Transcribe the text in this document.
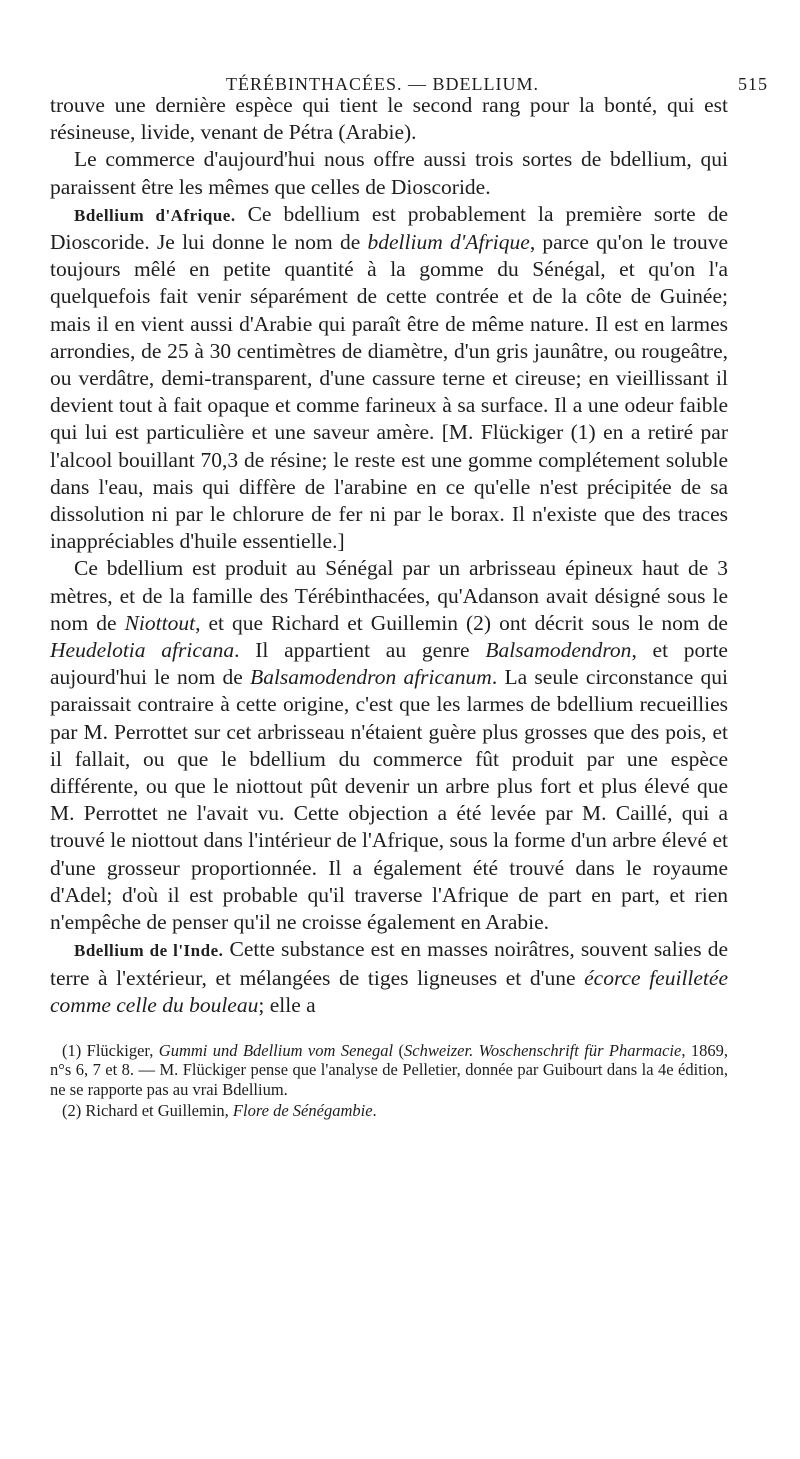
TÉRÉBINTHACÉES. — BDELLIUM.	515

trouve une dernière espèce qui tient le second rang pour la bonté, qui est résineuse, livide, venant de Pétra (Arabie).

Le commerce d'aujourd'hui nous offre aussi trois sortes de bdellium, qui paraissent être les mêmes que celles de Dioscoride.

Bdellium d'Afrique. Ce bdellium est probablement la première sorte de Dioscoride. Je lui donne le nom de bdellium d'Afrique, parce qu'on le trouve toujours mêlé en petite quantité à la gomme du Sénégal, et qu'on l'a quelquefois fait venir séparément de cette contrée et de la côte de Guinée; mais il en vient aussi d'Arabie qui paraît être de même nature. Il est en larmes arrondies, de 25 à 30 centimètres de diamètre, d'un gris jaunâtre, ou rougeâtre, ou verdâtre, demi-transparent, d'une cassure terne et cireuse; en vieillissant il devient tout à fait opaque et comme farineux à sa surface. Il a une odeur faible qui lui est particulière et une saveur amère. [M. Flückiger (1) en a retiré par l'alcool bouillant 70,3 de résine; le reste est une gomme complétement soluble dans l'eau, mais qui diffère de l'arabine en ce qu'elle n'est précipitée de sa dissolution ni par le chlorure de fer ni par le borax. Il n'existe que des traces inappréciables d'huile essentielle.]

Ce bdellium est produit au Sénégal par un arbrisseau épineux haut de 3 mètres, et de la famille des Térébinthacées, qu'Adanson avait désigné sous le nom de Niottout, et que Richard et Guillemin (2) ont décrit sous le nom de Heudelotia africana. Il appartient au genre Balsamodendron, et porte aujourd'hui le nom de Balsamodendron africanum. La seule circonstance qui paraissait contraire à cette origine, c'est que les larmes de bdellium recueillies par M. Perrottet sur cet arbrisseau n'étaient guère plus grosses que des pois, et il fallait, ou que le bdellium du commerce fût produit par une espèce différente, ou que le niottout pût devenir un arbre plus fort et plus élevé que M. Perrottet ne l'avait vu. Cette objection a été levée par M. Caillé, qui a trouvé le niottout dans l'intérieur de l'Afrique, sous la forme d'un arbre élevé et d'une grosseur proportionnée. Il a également été trouvé dans le royaume d'Adel; d'où il est probable qu'il traverse l'Afrique de part en part, et rien n'empêche de penser qu'il ne croisse également en Arabie.

Bdellium de l'Inde. Cette substance est en masses noirâtres, souvent salies de terre à l'extérieur, et mélangées de tiges ligneuses et d'une écorce feuilletée comme celle du bouleau; elle a

(1) Flückiger, Gummi und Bdellium vom Senegal (Schweizer. Woschenschrift für Pharmacie, 1869, n°s 6, 7 et 8. — M. Flückiger pense que l'analyse de Pelletier, donnée par Guibourt dans la 4e édition, ne se rapporte pas au vrai Bdellium.

(2) Richard et Guillemin, Flore de Sénégambie.
